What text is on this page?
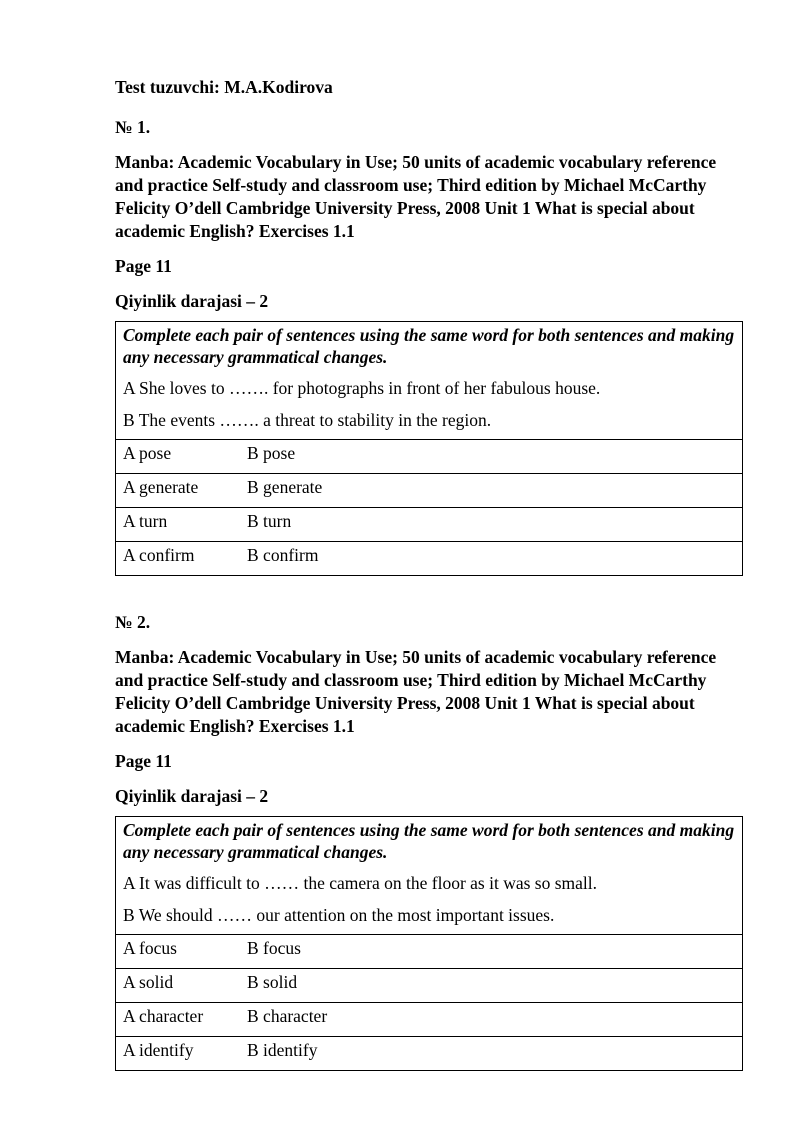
Test tuzuvchi: M.A.Kodirova

№ 1.

Manba: Academic Vocabulary in Use; 50 units of academic vocabulary reference and practice Self-study and classroom use; Third edition by Michael McCarthy Felicity O’dell Cambridge University Press, 2008 Unit 1 What is special about academic English? Exercises 1.1

Page 11

Qiyinlik darajasi – 2

Complete each pair of sentences using the same word for both sentences and making any necessary grammatical changes.

A She loves to ……. for photographs in front of her fabulous house.

B The events ……. a threat to stability in the region.

A pose	B pose
A generate	B generate
A turn	B turn
A confirm	B confirm

№ 2.

Manba: Academic Vocabulary in Use; 50 units of academic vocabulary reference and practice Self-study and classroom use; Third edition by Michael McCarthy Felicity O’dell Cambridge University Press, 2008 Unit 1 What is special about academic English? Exercises 1.1

Page 11

Qiyinlik darajasi – 2

Complete each pair of sentences using the same word for both sentences and making any necessary grammatical changes.

A It was difficult to …… the camera on the floor as it was so small.

B We should …… our attention on the most important issues.

A focus	B focus
A solid	B solid
A character	B character
A identify	B identify
